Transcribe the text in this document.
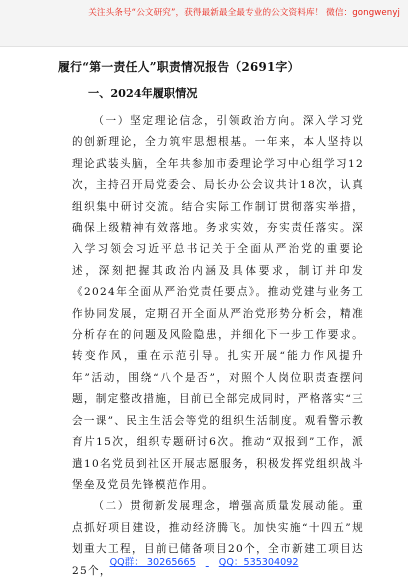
关注头条号“公文研究”，获得最新最全最专业的公文资料库！ 微信：gongwenyj
履行“第一责任人”职责情况报告（2691字）
一、2024年履职情况

（一）坚定理论信念，引领政治方向。深入学习党的创新理论，全力筑牢思想根基。一年来，本人坚持以理论武装头脑，全年共参加市委理论学习中心组学习12次，主持召开局党委会、局长办公会议共计18次，认真组织集中研讨交流。结合实际工作制订贯彻落实举措，确保上级精神有效落地。务求实效，夯实责任落实。深入学习领会习近平总书记关于全面从严治党的重要论述，深刻把握其政治内涵及具体要求，制订并印发《2024年全面从严治党责任要点》。推动党建与业务工作协同发展，定期召开全面从严治党形势分析会，精准分析存在的问题及风险隐患，并细化下一步工作要求。转变作风，重在示范引导。扎实开展“能力作风提升年”活动，围绕“八个是否”，对照个人岗位职责查摆问题，制定整改措施，目前已全部完成同时，严格落实“三会一课”、民主生活会等党的组织生活制度。观看警示教育片15次，组织专题研讨6次。推动“双报到”工作，派遣10名党员到社区开展志愿服务，积极发挥党组织战斗堡垒及党员先锋模范作用。

（二）贯彻新发展理念，增强高质量发展动能。重点抓好项目建设，推动经济腾飞。加快实施“十四五”规划重大工程，目前已储备项目20个，全市新建工项目达25个，

QQ群： 30265665 QQ：535304092
